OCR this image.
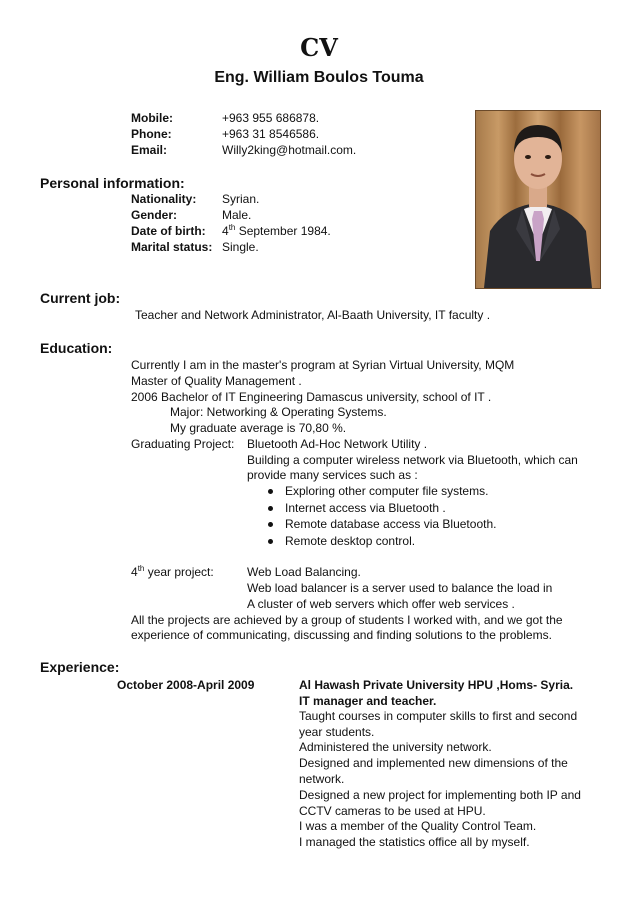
CV
Eng. William Boulos Touma
Mobile:	+963 955 686878.
Phone:	+963 31 8546586.
Email:	Willy2king@hotmail.com.
Personal information:
Nationality: Syrian.
Gender:	Male.
Date of birth: 4th September 1984.
Marital status: Single.
Current job:
Teacher and Network Administrator, Al-Baath University, IT faculty .
Education:
Currently I am in the master's program at Syrian Virtual University, MQM
Master of Quality Management .
2006 Bachelor of IT Engineering Damascus university, school of IT .
Major: Networking & Operating Systems.
My graduate average is 70,80 %.
Graduating Project: Bluetooth Ad-Hoc Network Utility .
Building a computer wireless network via Bluetooth, which can
provide many services such as :
Exploring other computer file systems.
Internet access via Bluetooth .
Remote database access via Bluetooth.
Remote desktop control.
4th year project:	Web Load Balancing.
Web load balancer is a server used to balance the load in
A cluster of web servers which offer web services .
All the projects are achieved by a group of students I worked with, and we got the
experience of communicating, discussing and finding solutions to the problems.
Experience:
October 2008-April 2009	Al Hawash Private University HPU ,Homs- Syria.
IT manager and teacher.
Taught courses in computer skills to first and second
year students.
Administered the university network.
Designed and implemented new dimensions of the
network.
Designed a new project for implementing both IP and
CCTV cameras to be used at HPU.
I was a member of the Quality Control Team.
I managed the statistics office all by myself.
